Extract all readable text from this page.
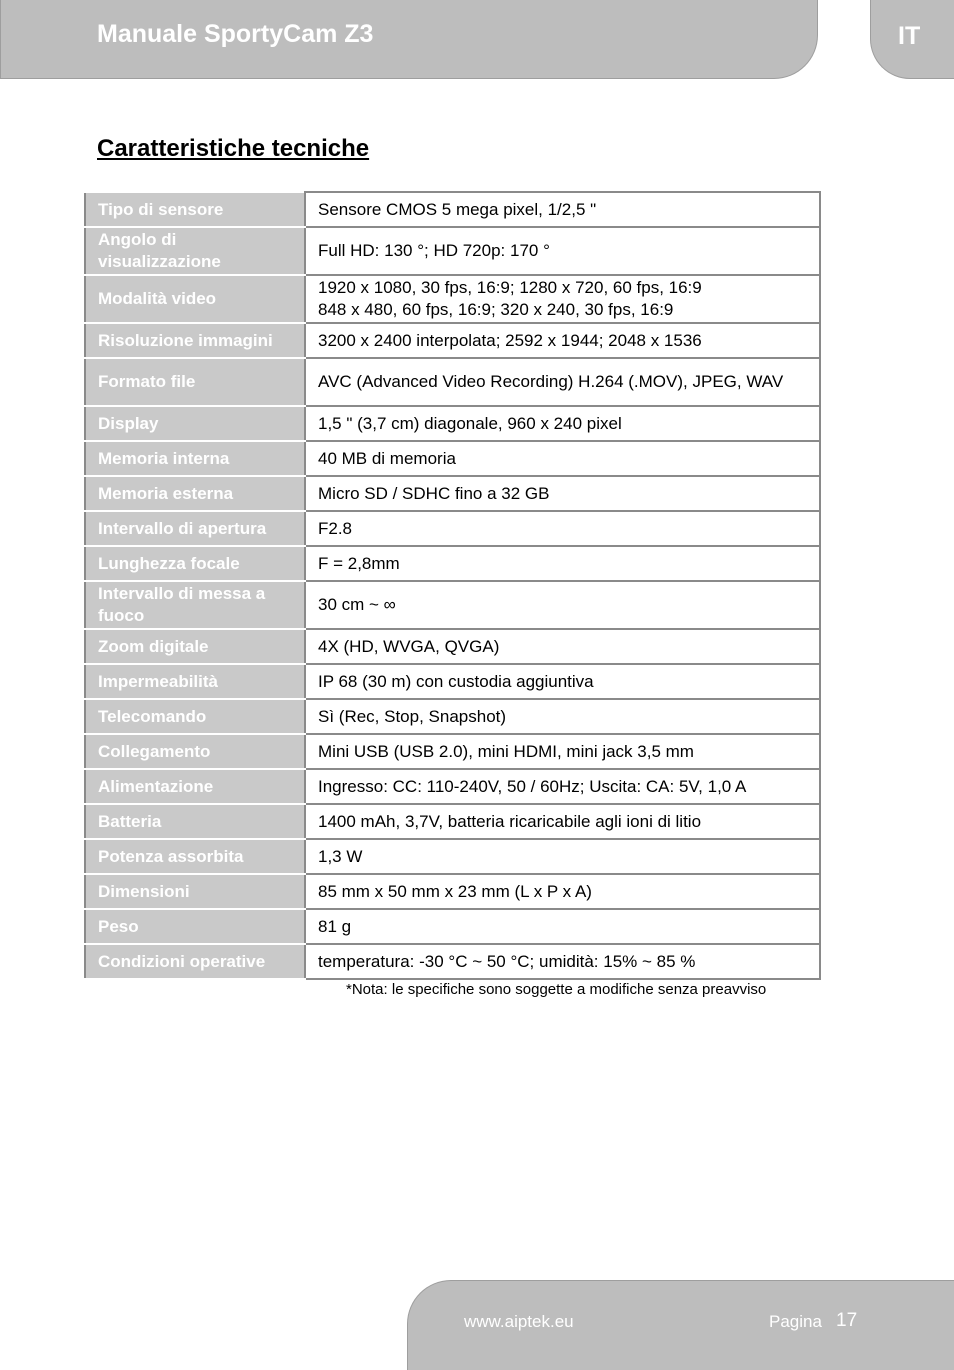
Manuale SportyCam Z3	IT
Caratteristiche tecniche
Tipo di sensore	Sensore CMOS 5 mega pixel, 1/2,5 "
Angolo di visualizzazione	Full HD: 130 °; HD 720p: 170 °
Modalità video	1920 x 1080, 30 fps, 16:9; 1280 x 720, 60 fps, 16:9
848 x 480, 60 fps, 16:9; 320 x 240, 30 fps, 16:9
Risoluzione immagini	3200 x 2400 interpolata; 2592 x 1944; 2048 x 1536
Formato file	AVC (Advanced Video Recording) H.264 (.MOV), JPEG, WAV
Display	1,5 " (3,7 cm) diagonale, 960 x 240 pixel
Memoria interna	40 MB di memoria
Memoria esterna	Micro SD / SDHC fino a 32 GB
Intervallo di apertura	F2.8
Lunghezza focale	F = 2,8mm
Intervallo di messa a fuoco	30 cm ~ ∞
Zoom digitale	4X (HD, WVGA, QVGA)
Impermeabilità	IP 68 (30 m) con custodia aggiuntiva
Telecomando	Sì (Rec, Stop, Snapshot)
Collegamento	Mini USB (USB 2.0), mini HDMI, mini jack 3,5 mm
Alimentazione	Ingresso: CC: 110-240V, 50 / 60Hz; Uscita: CA: 5V, 1,0 A
Batteria	1400 mAh, 3,7V, batteria ricaricabile agli ioni di litio
Potenza assorbita	1,3 W
Dimensioni	85 mm x 50 mm x 23 mm (L x P x A)
Peso	81 g
Condizioni operative	temperatura: -30 °C ~ 50 °C; umidità: 15% ~ 85 %
*Nota: le specifiche sono soggette a modifiche senza preavviso
www.aiptek.eu	Pagina 17
